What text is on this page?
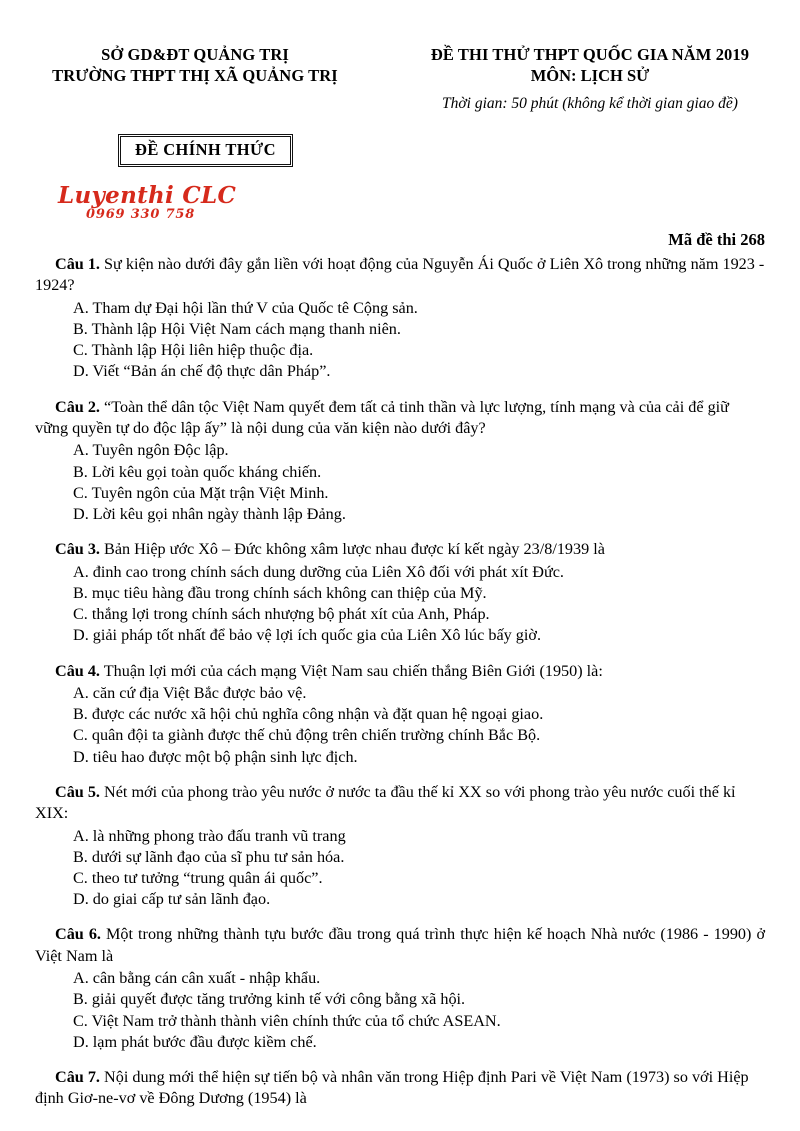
SỞ GD&ĐT QUẢNG TRỊ
TRƯỜNG THPT THỊ XÃ QUẢNG TRỊ
ĐỀ THI THỬ THPT QUỐC GIA NĂM 2019
MÔN: LỊCH SỬ
Thời gian: 50 phút (không kể thời gian giao đề)
ĐỀ CHÍNH THỨC
Luyenthi CLC
0969 330 758
Mã đề thi 268
Câu 1. Sự kiện nào dưới đây gắn liền với hoạt động của Nguyễn Ái Quốc ở Liên Xô trong những năm 1923 - 1924?
A. Tham dự Đại hội lần thứ V của Quốc tê Cộng sản.
B. Thành lập Hội Việt Nam cách mạng thanh niên.
C. Thành lập Hội liên hiệp thuộc địa.
D. Viết “Bản án chế độ thực dân Pháp”.
Câu 2. “Toàn thể dân tộc Việt Nam quyết đem tất cả tinh thần và lực lượng, tính mạng và của cải để giữ vững quyền tự do độc lập ấy” là nội dung của văn kiện nào dưới đây?
A. Tuyên ngôn Độc lập.
B. Lời kêu gọi toàn quốc kháng chiến.
C. Tuyên ngôn của Mặt trận Việt Minh.
D. Lời kêu gọi nhân ngày thành lập Đảng.
Câu 3. Bản Hiệp ước Xô – Đức không xâm lược nhau được kí kết ngày 23/8/1939 là
A. đinh cao trong chính sách dung dưỡng của Liên Xô đối với phát xít Đức.
B. mục tiêu hàng đầu trong chính sách không can thiệp của Mỹ.
C. thắng lợi trong chính sách nhượng bộ phát xít của Anh, Pháp.
D. giải pháp tốt nhất để bảo vệ lợi ích quốc gia của Liên Xô lúc bấy giờ.
Câu 4. Thuận lợi mới của cách mạng Việt Nam sau chiến thắng Biên Giới (1950) là:
A. căn cứ địa Việt Bắc được bảo vệ.
B. được các nước xã hội chủ nghĩa công nhận và đặt quan hệ ngoại giao.
C. quân đội ta giành được thế chủ động trên chiến trường chính Bắc Bộ.
D. tiêu hao được một bộ phận sinh lực địch.
Câu 5. Nét mới của phong trào yêu nước ở nước ta đầu thế kỉ XX so với phong trào yêu nước cuối thế kỉ XIX:
A. là những phong trào đấu tranh vũ trang
B. dưới sự lãnh đạo của sĩ phu tư sản hóa.
C. theo tư tưởng “trung quân ái quốc”.
D. do giai cấp tư sản lãnh đạo.
Câu 6. Một trong những thành tựu bước đầu trong quá trình thực hiện kế hoạch Nhà nước (1986 - 1990) ở Việt Nam là
A. cân bằng cán cân xuất - nhập khẩu.
B. giải quyết được tăng trưởng kinh tế với công bằng xã hội.
C. Việt Nam trở thành thành viên chính thức của tổ chức ASEAN.
D. lạm phát bước đầu được kiềm chế.
Câu 7. Nội dung mới thể hiện sự tiến bộ và nhân văn trong Hiệp định Pari về Việt Nam (1973) so với Hiệp định Giơ-ne-vơ về Đông Dương (1954) là
